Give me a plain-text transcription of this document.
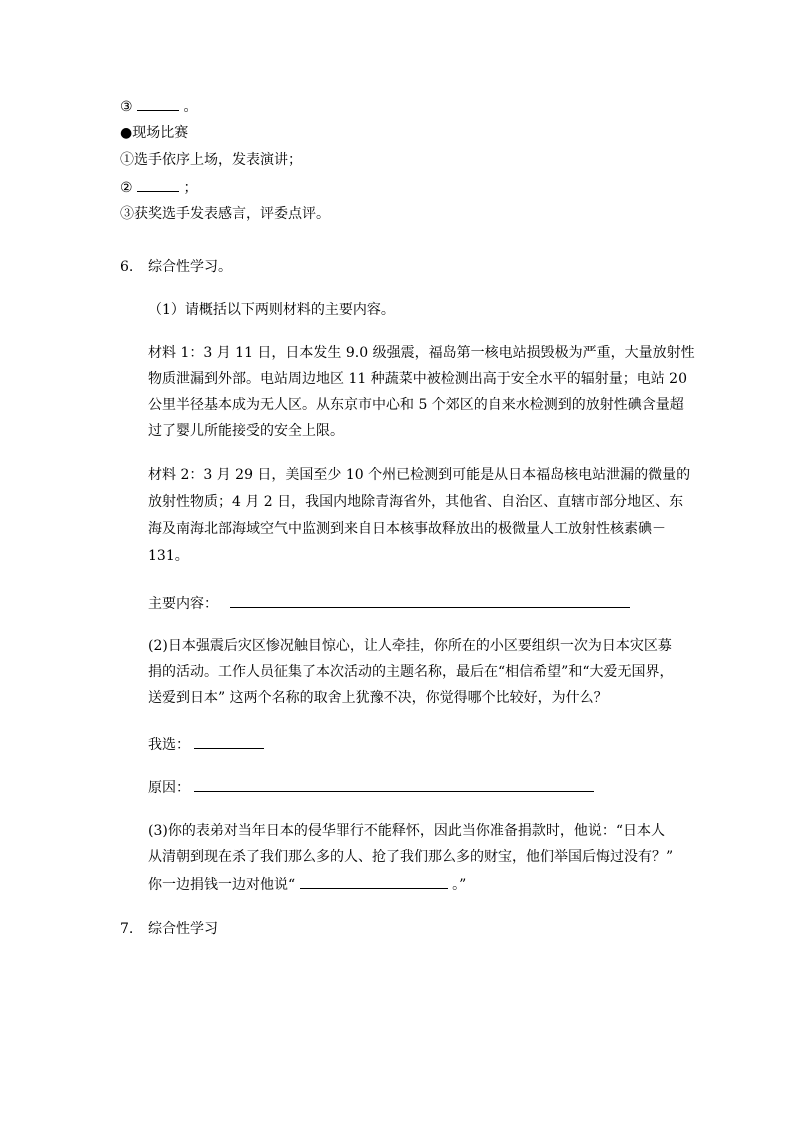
③	。
●现场比赛
①选手依序上场，发表演讲；
②	；
③获奖选手发表感言，评委点评。
6. 综合性学习。
（1）请概括以下两则材料的主要内容。
材料 1：3 月 11 日，日本发生 9.0 级强震，福岛第一核电站损毁极为严重，大量放射性
物质泄漏到外部。电站周边地区 11 种蔬菜中被检测出高于安全水平的辐射量；电站 20
公里半径基本成为无人区。从东京市中心和 5 个郊区的自来水检测到的放射性碘含量超
过了婴儿所能接受的安全上限。
材料 2：3 月 29 日，美国至少 10 个州已检测到可能是从日本福岛核电站泄漏的微量的
放射性物质；4 月 2 日，我国内地除青海省外，其他省、自治区、直辖市部分地区、东
海及南海北部海域空气中监测到来自日本核事故释放出的极微量人工放射性核素碘－
131。
主要内容：
(2)日本强震后灾区惨况触目惊心，让人牵挂，你所在的小区要组织一次为日本灾区募
捐的活动。工作人员征集了本次活动的主题名称，最后在“相信希望”和“大爱无国界，
送爱到日本” 这两个名称的取舍上犹豫不决，你觉得哪个比较好，为什么？
我选：
原因：
(3)你的表弟对当年日本的侵华罪行不能释怀，因此当你准备捐款时，他说：“日本人
从清朝到现在杀了我们那么多的人、抢了我们那么多的财宝，他们举国后悔过没有？”
你一边捐钱一边对他说“	。”
7. 综合性学习
